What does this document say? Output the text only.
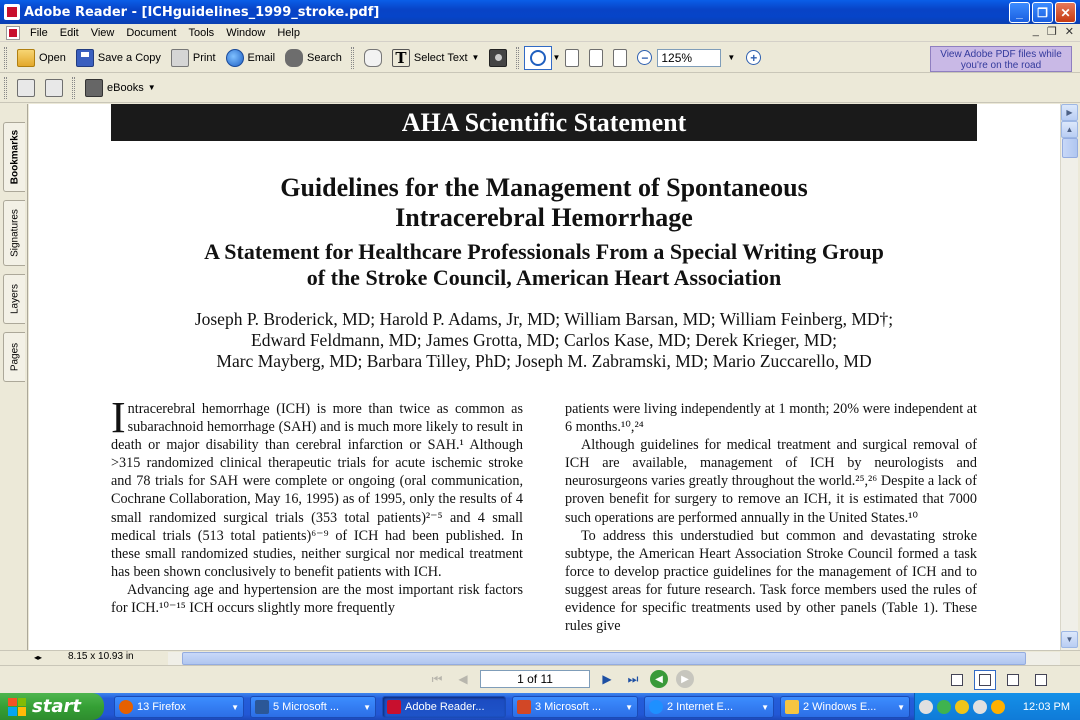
Adobe Reader - [ICHguidelines_1999_stroke.pdf]	_	❐	✕
File	Edit	View	Document	Tools	Window	Help	_ ❐ ✕
Open	Save a Copy	Print	Email	Search	T Select Text ▼	▼	−	125%	▼	+	View Adobe PDF files while you're on the road
eBooks ▼
Bookmarks
Signatures
Layers
Pages
AHA Scientific Statement
Guidelines for the Management of Spontaneous
Intracerebral Hemorrhage
A Statement for Healthcare Professionals From a Special Writing Group
of the Stroke Council, American Heart Association
Joseph P. Broderick, MD; Harold P. Adams, Jr, MD; William Barsan, MD; William Feinberg, MD†;
Edward Feldmann, MD; James Grotta, MD; Carlos Kase, MD; Derek Krieger, MD;
Marc Mayberg, MD; Barbara Tilley, PhD; Joseph M. Zabramski, MD; Mario Zuccarello, MD

Intracerebral hemorrhage (ICH) is more than twice as common as subarachnoid hemorrhage (SAH) and is much more likely to result in death or major disability than cerebral infarction or SAH.¹ Although >315 randomized clinical therapeutic trials for acute ischemic stroke and 78 trials for SAH were complete or ongoing (oral communication, Cochrane Collaboration, May 16, 1995) as of 1995, only the results of 4 small randomized surgical trials (353 total patients)²⁻⁵ and 4 small medical trials (513 total patients)⁶⁻⁹ of ICH had been published. In these small randomized studies, neither surgical nor medical treatment has been shown conclusively to benefit patients with ICH.

Advancing age and hypertension are the most important risk factors for ICH.¹⁰⁻¹⁵ ICH occurs slightly more frequently

patients were living independently at 1 month; 20% were independent at 6 months.¹⁰,²⁴

Although guidelines for medical treatment and surgical removal of ICH are available, management of ICH by neurologists and neurosurgeons varies greatly throughout the world.²⁵,²⁶ Despite a lack of proven benefit for surgery to remove an ICH, it is estimated that 7000 such operations are performed annually in the United States.¹⁰

To address this understudied but common and devastating stroke subtype, the American Heart Association Stroke Council formed a task force to develop practice guidelines for the management of ICH and to suggest areas for future research. Task force members used the rules of evidence for specific treatments used by other panels (Table 1). These rules give

▶
▲
▼
◂▸	8.15 x 10.93 in
⏮	◀	1 of 11	▶	⏭	◀	▶
start	13 Firefox	▼	5 Microsoft ...	▼	Adobe Reader...	3 Microsoft ...	▼	2 Internet E...	▼	2 Windows E...	▼	12:03 PM
